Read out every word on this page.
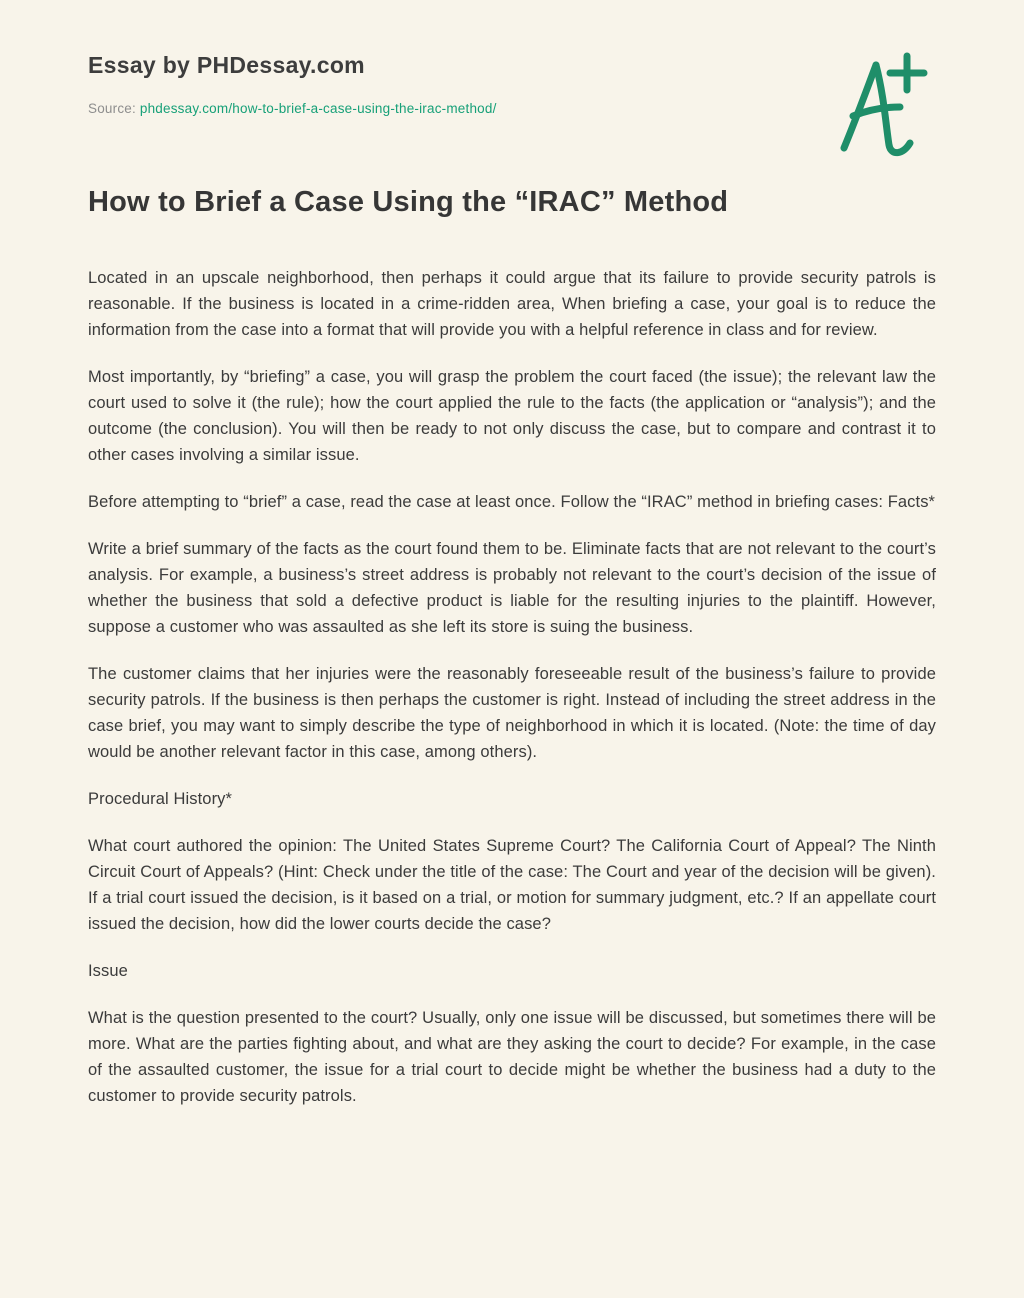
Essay by PHDessay.com
Source: phdessay.com/how-to-brief-a-case-using-the-irac-method/
How to Brief a Case Using the “IRAC” Method

Located in an upscale neighborhood, then perhaps it could argue that its failure to provide security patrols is reasonable. If the business is located in a crime-ridden area, When briefing a case, your goal is to reduce the information from the case into a format that will provide you with a helpful reference in class and for review.

Most importantly, by “briefing” a case, you will grasp the problem the court faced (the issue); the relevant law the court used to solve it (the rule); how the court applied the rule to the facts (the application or “analysis”); and the outcome (the conclusion). You will then be ready to not only discuss the case, but to compare and contrast it to other cases involving a similar issue.

Before attempting to “brief” a case, read the case at least once. Follow the “IRAC” method in briefing cases: Facts*

Write a brief summary of the facts as the court found them to be. Eliminate facts that are not relevant to the court’s analysis. For example, a business’s street address is probably not relevant to the court’s decision of the issue of whether the business that sold a defective product is liable for the resulting injuries to the plaintiff. However, suppose a customer who was assaulted as she left its store is suing the business.

The customer claims that her injuries were the reasonably foreseeable result of the business’s failure to provide security patrols. If the business is then perhaps the customer is right. Instead of including the street address in the case brief, you may want to simply describe the type of neighborhood in which it is located. (Note: the time of day would be another relevant factor in this case, among others).

Procedural History*

What court authored the opinion: The United States Supreme Court? The California Court of Appeal? The Ninth Circuit Court of Appeals? (Hint: Check under the title of the case: The Court and year of the decision will be given). If a trial court issued the decision, is it based on a trial, or motion for summary judgment, etc.? If an appellate court issued the decision, how did the lower courts decide the case?

Issue

What is the question presented to the court? Usually, only one issue will be discussed, but sometimes there will be more. What are the parties fighting about, and what are they asking the court to decide? For example, in the case of the assaulted customer, the issue for a trial court to decide might be whether the business had a duty to the customer to provide security patrols.
